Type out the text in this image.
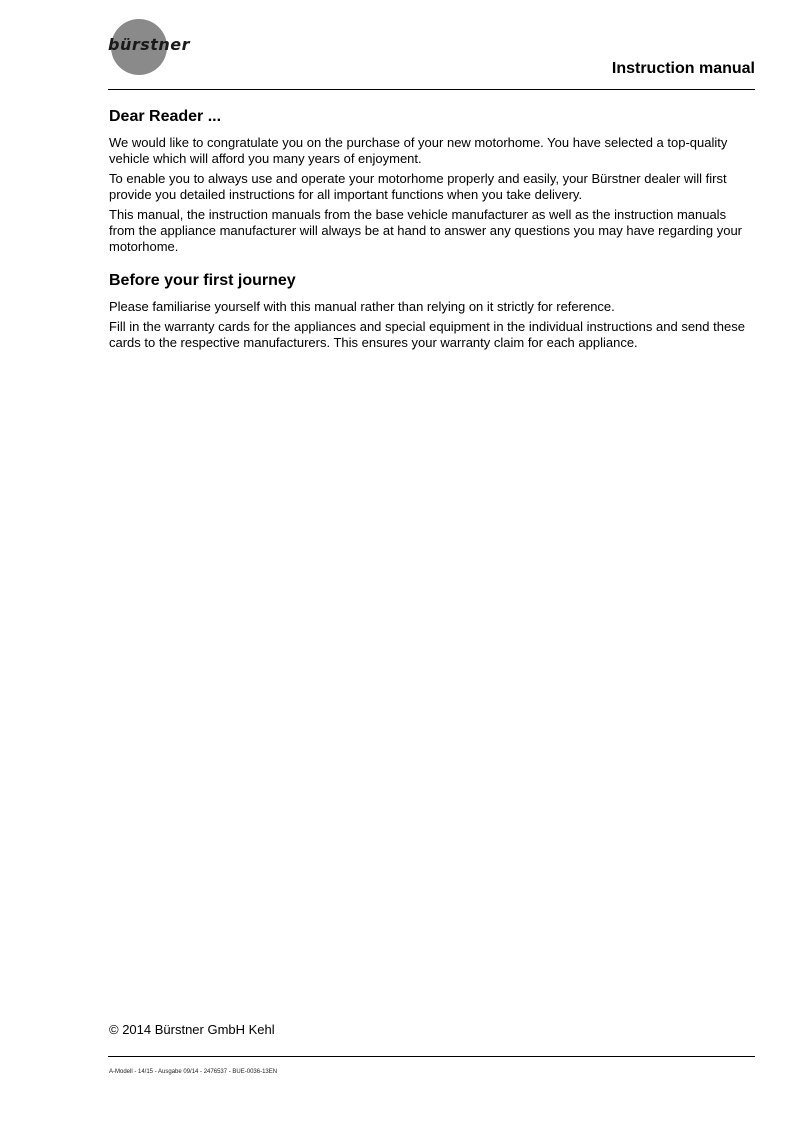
bürstner
Instruction manual
Dear Reader ...

We would like to congratulate you on the purchase of your new motorhome. You have selected a top-quality vehicle which will afford you many years of enjoyment.

To enable you to always use and operate your motorhome properly and easily, your Bürstner dealer will first provide you detailed instructions for all important functions when you take delivery.

This manual, the instruction manuals from the base vehicle manufacturer as well as the instruction manuals from the appliance manufacturer will always be at hand to answer any questions you may have regarding your motorhome.

Before your first journey

Please familiarise yourself with this manual rather than relying on it strictly for reference.

Fill in the warranty cards for the appliances and special equipment in the individual instructions and send these cards to the respective manufacturers. This ensures your warranty claim for each appliance.

© 2014 Bürstner GmbH Kehl
A-Modell - 14/15 - Ausgabe 09/14 - 2476537 - BUE-0036-13EN
